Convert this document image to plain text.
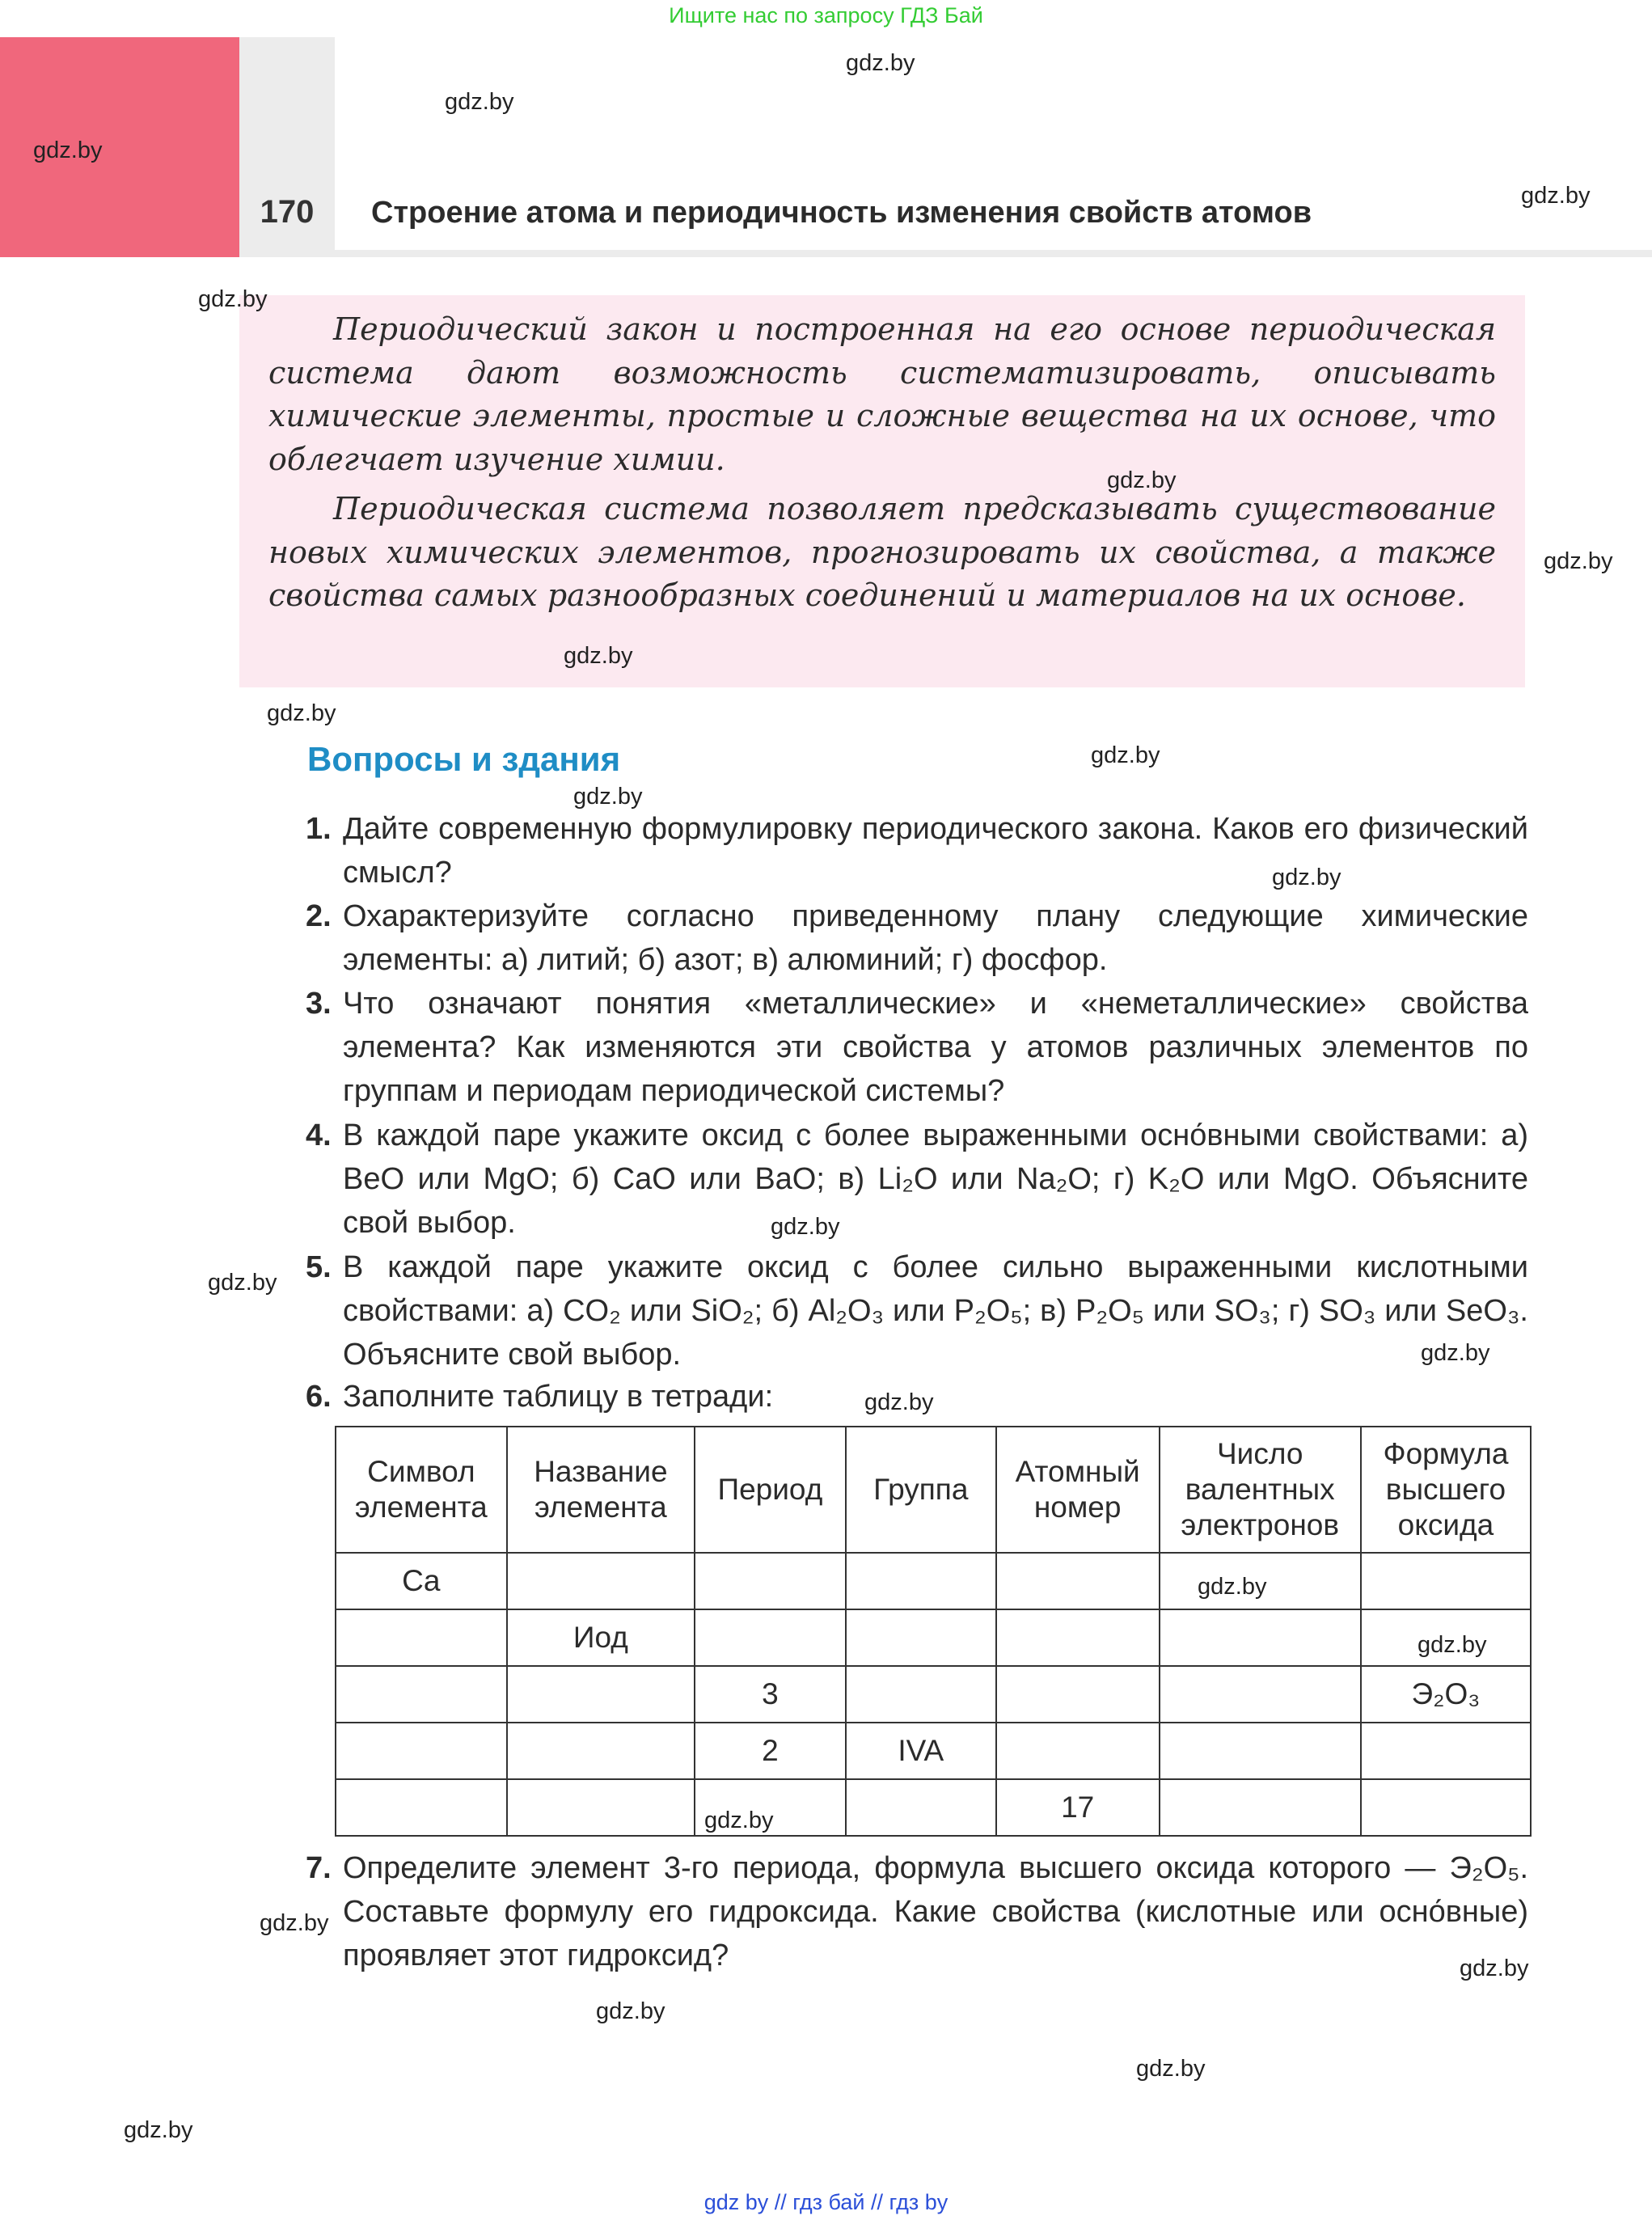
Ищите нас по запросу ГДЗ Бай
170	Строение атома и периодичность изменения свойств атомов

Периодический закон и построенная на его основе периодическая система дают возможность систематизировать, описывать химические элементы, простые и сложные вещества на их основе, что облегчает изучение химии.

Периодическая система позволяет предсказывать существование новых химических элементов, прогнозировать их свойства, а также свойства самых разнообразных соединений и материалов на их основе.

Вопросы и здания
1. Дайте современную формулировку периодического закона. Каков его физический смысл?
2. Охарактеризуйте согласно приведенному плану следующие химические элементы: а) литий; б) азот; в) алюминий; г) фосфор.
3. Что означают понятия «металлические» и «неметаллические» свойства элемента? Как изменяются эти свойства у атомов различных элементов по группам и периодам периодической системы?
4. В каждой паре укажите оксид с более выраженными осно́вными свойствами: а) BeO или MgO; б) CaO или BaO; в) Li₂O или Na₂O; г) K₂O или MgO. Объясните свой выбор.
5. В каждой паре укажите оксид с более сильно выраженными кислотными свойствами: а) CO₂ или SiO₂; б) Al₂O₃ или P₂O₅; в) P₂O₅ или SO₃; г) SO₃ или SeO₃. Объясните свой выбор.
6. Заполните таблицу в тетради:
Символ элемента	Название элемента	Период	Группа	Атомный номер	Число валентных электронов	Формула высшего оксида
Ca						
	Иод					
		3				Э₂O₃
		2	IVA			
				17		
7. Определите элемент 3-го периода, формула высшего оксида которого — Э₂O₅. Составьте формулу его гидроксида. Какие свойства (кислотные или осно́вные) проявляет этот гидроксид?
gdz.by
gdz.by
gdz.by
gdz.by
gdz.by
gdz.by
gdz.by
gdz.by
gdz.by
gdz.by
gdz.by
gdz.by
gdz.by
gdz.by
gdz.by
gdz.by
gdz.by
gdz.by
gdz.by
gdz.by
gdz.by
gdz.by
gdz.by
gdz.by
gdz by // гдз бай // гдз by
